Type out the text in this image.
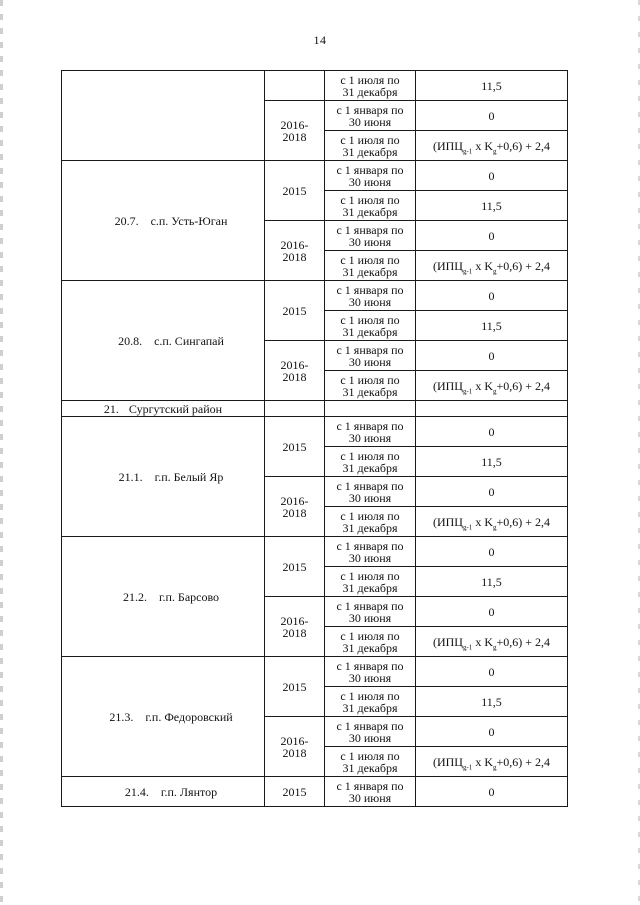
14
		с 1 июля по
31 декабря	11,5
	2016-
2018	с 1 января по
30 июня	0
		с 1 июля по
31 декабря	($ИПЦ_{g-1}$ х $K_g+0,6) + 2,4$
20.7. с.п. Усть-Юган	2015	с 1 января по
30 июня	0
		с 1 июля по
31 декабря	11,5
	2016-
2018	с 1 января по
30 июня	0
		с 1 июля по
31 декабря	($ИПЦ_{g-1}$ х $K_g+0,6) + 2,4$
20.8. с.п. Сингапай	2015	с 1 января по
30 июня	0
		с 1 июля по
31 декабря	11,5
	2016-
2018	с 1 января по
30 июня	0
		с 1 июля по
31 декабря	($ИПЦ_{g-1}$ х $K_g+0,6) + 2,4$
21. Сургутский район			
21.1. г.п. Белый Яр	2015	с 1 января по
30 июня	0
		с 1 июля по
31 декабря	11,5
	2016-
2018	с 1 января по
30 июня	0
		с 1 июля по
31 декабря	($ИПЦ_{g-1}$ х $K_g+0,6) + 2,4$
21.2. г.п. Барсово	2015	с 1 января по
30 июня	0
		с 1 июля по
31 декабря	11,5
	2016-
2018	с 1 января по
30 июня	0
		с 1 июля по
31 декабря	($ИПЦ_{g-1}$ х $K_g+0,6) + 2,4$
21.3. г.п. Федоровский	2015	с 1 января по
30 июня	0
		с 1 июля по
31 декабря	11,5
	2016-
2018	с 1 января по
30 июня	0
		с 1 июля по
31 декабря	($ИПЦ_{g-1}$ х $K_g+0,6) + 2,4$
21.4. г.п. Лянтор	2015	с 1 января по
30 июня	0
